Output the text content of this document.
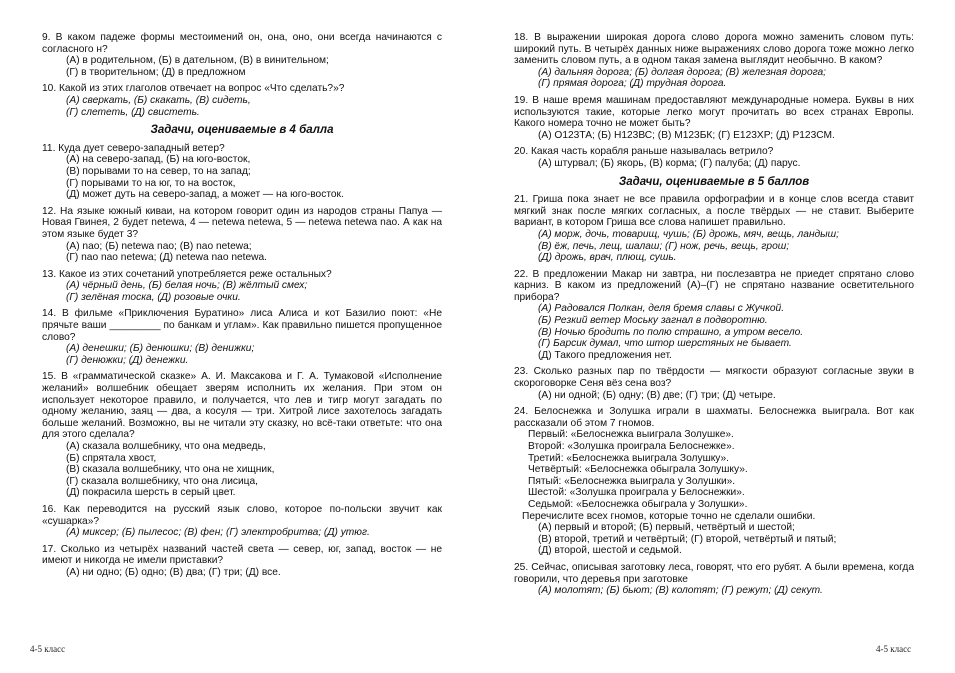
9. В каком падеже формы местоимений он, она, оно, они всегда начинаются с согласного н?

(А) в родительном, (Б) в дательном, (В) в винительном;

(Г) в творительном; (Д) в предложном

10. Какой из этих глаголов отвечает на вопрос «Что сделать?»?

(А) сверкать, (Б) скакать, (В) сидеть,

(Г) слететь, (Д) свистеть.

Задачи, оцениваемые в 4 балла

11. Куда дует северо-западный ветер?

(А) на северо-запад, (Б) на юго-восток,

(В) порывами то на север, то на запад;

(Г) порывами то на юг, то на восток,

(Д) может дуть на северо-запад, а может — на юго-восток.

12. На языке южный киваи, на котором говорит один из народов страны Папуа — Новая Гвинея, 2 будет netewa, 4 — netewa netewa, 5 — netewa netewa nao. А как на этом языке будет 3?

(А) nao; (Б) netewa nao; (В) nao netewa;

(Г) nao nao netewa; (Д) netewa nao netewa.

13. Какое из этих сочетаний употребляется реже остальных?

(А) чёрный день, (Б) белая ночь; (В) жёлтый смех;

(Г) зелёная тоска, (Д) розовые очки.

14. В фильме «Приключения Буратино» лиса Алиса и кот Базилио поют: «Не прячьте ваши _________ по банкам и углам». Как правильно пишется пропущенное слово?

(А) денешки; (Б) денюшки; (В) денижки;

(Г) денюжки; (Д) денежки.

15. В «грамматической сказке» А. И. Максакова и Г. А. Тумаковой «Исполнение желаний» волшебник обещает зверям исполнить их желания. При этом он использует некоторое правило, и получается, что лев и тигр могут загадать по одному желанию, заяц — два, а косуля — три. Хитрой лисе захотелось загадать больше желаний. Возможно, вы не читали эту сказку, но всё-таки ответьте: что она для этого сделала?

(А) сказала волшебнику, что она медведь,

(Б) спрятала хвост,

(В) сказала волшебнику, что она не хищник,

(Г) сказала волшебнику, что она лисица,

(Д) покрасила шерсть в серый цвет.

16. Как переводится на русский язык слово, которое по-польски звучит как «сушарка»?

(А) миксер; (Б) пылесос; (В) фен; (Г) электробритва; (Д) утюг.

17. Сколько из четырёх названий частей света — север, юг, запад, восток — не имеют и никогда не имели приставки?

(А) ни одно; (Б) одно; (В) два; (Г) три; (Д) все.

18. В выражении широкая дорога слово дорога можно заменить словом путь: широкий путь. В четырёх данных ниже выражениях слово дорога тоже можно легко заменить словом путь, а в одном такая замена выглядит необычно. В каком?

(А) дальняя дорога; (Б) долгая дорога; (В) железная дорога;

(Г) прямая дорога; (Д) трудная дорога.

19. В наше время машинам предоставляют международные номера. Буквы в них используются такие, которые легко могут прочитать во всех странах Европы. Какого номера точно не может быть?

(А) О123ТА; (Б) Н123ВС; (В) М123БК; (Г) Е123ХР; (Д) Р123СМ.

20. Какая часть корабля раньше называлась ветрило?

(А) штурвал; (Б) якорь, (В) корма; (Г) палуба; (Д) парус.

Задачи, оцениваемые в 5 баллов

21. Гриша пока знает не все правила орфографии и в конце слов всегда ставит мягкий знак после мягких согласных, а после твёрдых — не ставит. Выберите вариант, в котором Гриша все слова напишет правильно.

(А) морж, дочь, товарищ, чушь; (Б) дрожь, мяч, вещь, ландыш;

(В) ёж, печь, лещ, шалаш; (Г) нож, речь, вещь, грош;

(Д) дрожь, врач, плющ, сушь.

22. В предложении Макар ни завтра, ни послезавтра не приедет спрятано слово карниз. В каком из предложений (А)–(Г) не спрятано название осветительного прибора?

(А) Радовался Полкан, деля бремя славы с Жучкой.

(Б) Резкий ветер Моську загнал в подворотню.

(В) Ночью бродить по полю страшно, а утром весело.

(Г) Барсик думал, что штор шерстяных не бывает.

(Д) Такого предложения нет.

23. Сколько разных пар по твёрдости — мягкости образуют согласные звуки в скороговорке Сеня вёз сена воз?

(А) ни одной; (Б) одну; (В) две; (Г) три; (Д) четыре.

24. Белоснежка и Золушка играли в шахматы. Белоснежка выиграла. Вот как рассказали об этом 7 гномов.

Первый: «Белоснежка выиграла Золушке».

Второй: «Золушка проиграла Белоснежке».

Третий: «Белоснежка выиграла Золушку».

Четвёртый: «Белоснежка обыграла Золушку».

Пятый: «Белоснежка выиграла у Золушки».

Шестой: «Золушка проиграла у Белоснежки».

Седьмой: «Белоснежка обыграла у Золушки».

Перечислите всех гномов, которые точно не сделали ошибки.

(А) первый и второй; (Б) первый, четвёртый и шестой;

(В) второй, третий и четвёртый; (Г) второй, четвёртый и пятый;

(Д) второй, шестой и седьмой.

25. Сейчас, описывая заготовку леса, говорят, что его рубят. А были времена, когда говорили, что деревья при заготовке

(А) молотят; (Б) бьют; (В) колотят; (Г) режут; (Д) секут.

4-5 класс	4-5 класс
